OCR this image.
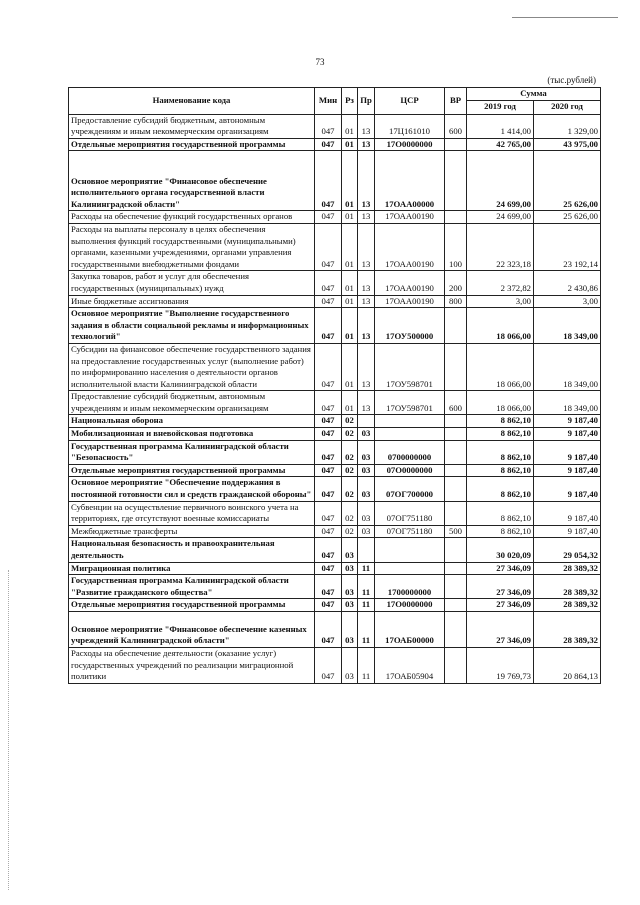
73
(тыс.рублей)
Наименование кода	Мин	Рз	Пр	ЦСР	ВР	Сумма	
						2019 год	2020 год
Предоставление субсидий бюджетным, автономным учреждениям и иным некоммерческим организациям	047	01	13	17Ц161010	600	1 414,00	1 329,00
Отдельные мероприятия государственной программы	047	01	13	17О0000000		42 765,00	43 975,00
Основное мероприятие "Финансовое обеспечение исполнительного органа государственной власти Калининградской области"	047	01	13	17ОАА00000		24 699,00	25 626,00
Расходы на обеспечение функций государственных органов	047	01	13	17ОАА00190		24 699,00	25 626,00
Расходы на выплаты персоналу в целях обеспечения выполнения функций государственными (муниципальными) органами, казенными учреждениями, органами управления государственными внебюджетными фондами	047	01	13	17ОАА00190	100	22 323,18	23 192,14
Закупка товаров, работ и услуг для обеспечения государственных (муниципальных) нужд	047	01	13	17ОАА00190	200	2 372,82	2 430,86
Иные бюджетные ассигнования	047	01	13	17ОАА00190	800	3,00	3,00
Основное мероприятие "Выполнение государственного задания в области социальной рекламы и информационных технологий"	047	01	13	17ОУ500000		18 066,00	18 349,00
Субсидии на финансовое обеспечение государственного задания на предоставление государственных услуг (выполнение работ) по информированию населения о деятельности органов исполнительной власти Калининградской области	047	01	13	17ОУ598701		18 066,00	18 349,00
Предоставление субсидий бюджетным, автономным учреждениям и иным некоммерческим организациям	047	01	13	17ОУ598701	600	18 066,00	18 349,00
Национальная оборона	047	02				8 862,10	9 187,40
Мобилизационная и вневойсковая подготовка	047	02	03			8 862,10	9 187,40
Государственная программа Калининградской области "Безопасность"	047	02	03	0700000000		8 862,10	9 187,40
Отдельные мероприятия государственной программы	047	02	03	07О0000000		8 862,10	9 187,40
Основное мероприятие "Обеспечение поддержания в постоянной готовности сил и средств гражданской обороны"	047	02	03	07ОГ700000		8 862,10	9 187,40
Субвенции на осуществление первичного воинского учета на территориях, где отсутствуют военные комиссариаты	047	02	03	07ОГ751180		8 862,10	9 187,40
Межбюджетные трансферты	047	02	03	07ОГ751180	500	8 862,10	9 187,40
Национальная безопасность и правоохранительная деятельность	047	03				30 020,09	29 054,32
Миграционная политика	047	03	11			27 346,09	28 389,32
Государственная программа Калининградской области "Развитие гражданского общества"	047	03	11	1700000000		27 346,09	28 389,32
Отдельные мероприятия государственной программы	047	03	11	17О0000000		27 346,09	28 389,32
Основное мероприятие "Финансовое обеспечение казенных учреждений Калининградской области"	047	03	11	17ОАБ00000		27 346,09	28 389,32
Расходы на обеспечение деятельности (оказание услуг) государственных учреждений по реализации миграционной политики	047	03	11	17ОАБ05904		19 769,73	20 864,13
